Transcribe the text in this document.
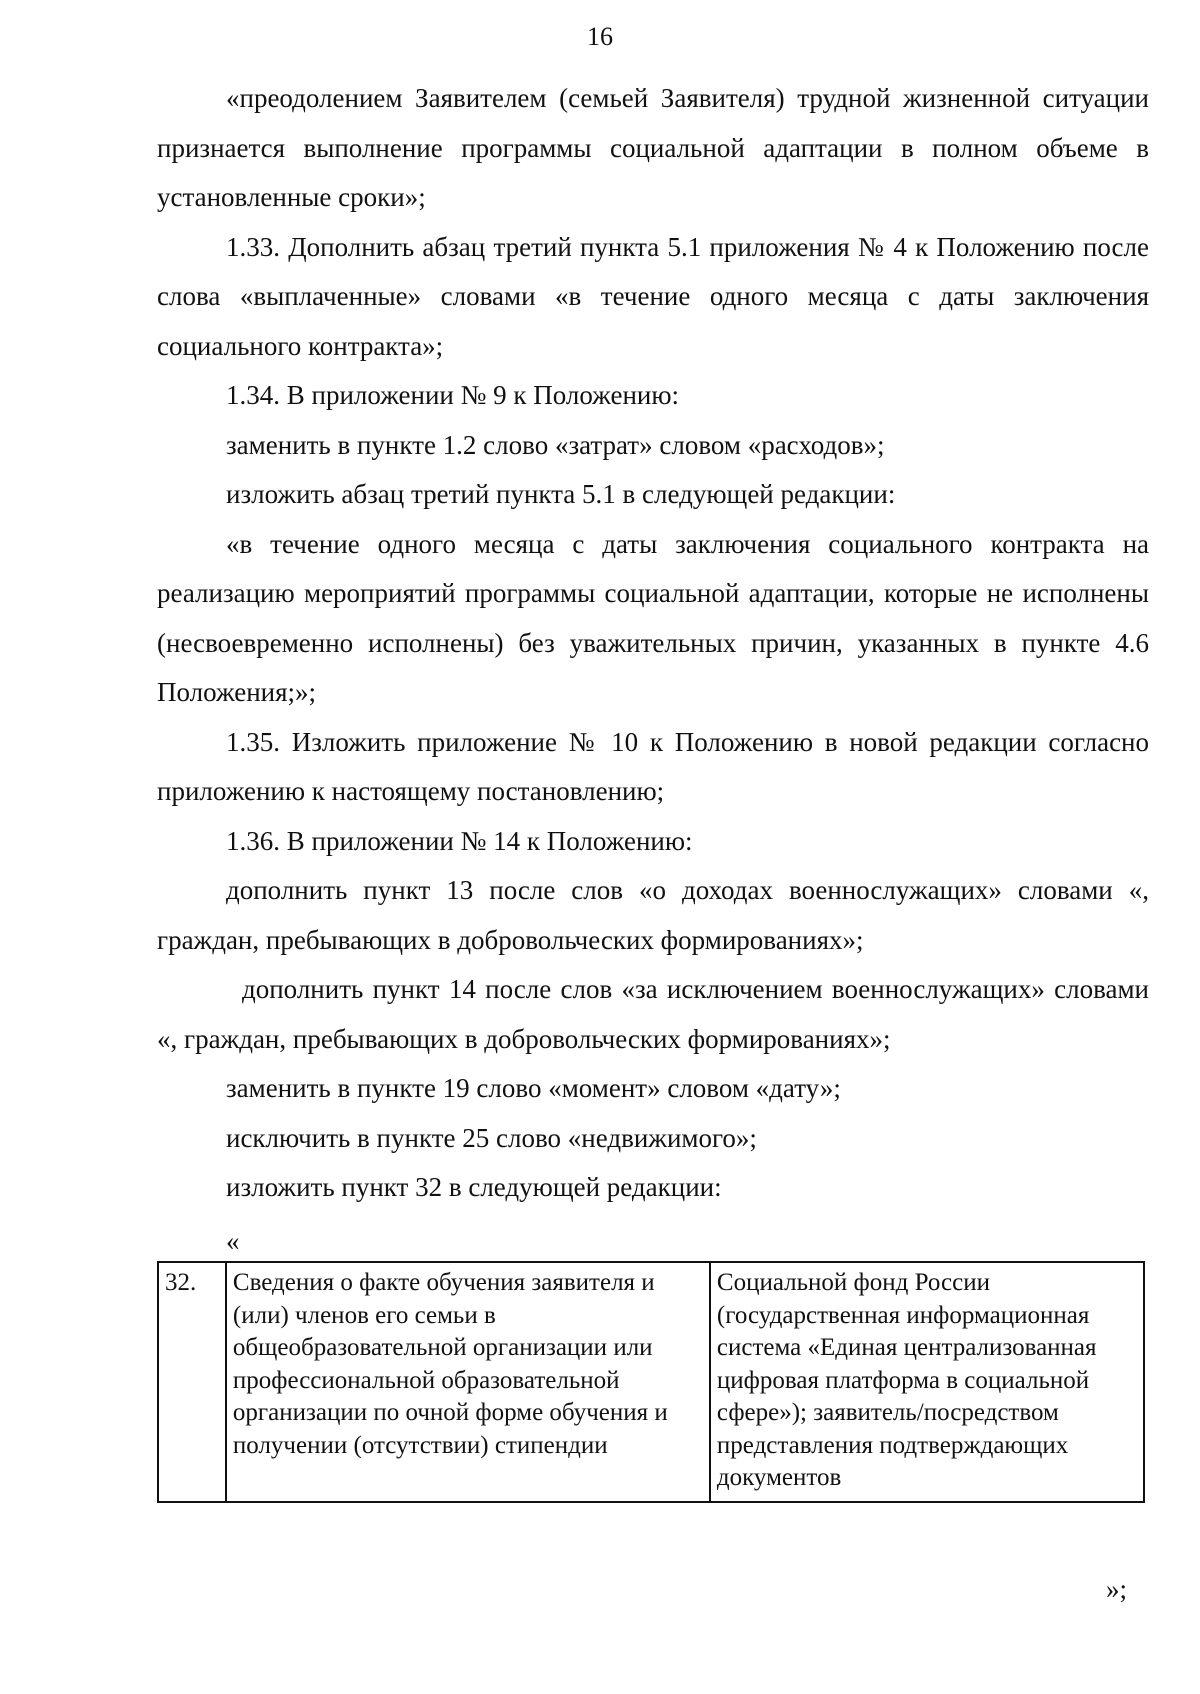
16

«преодолением Заявителем (семьей Заявителя) трудной жизненной ситуации признается выполнение программы социальной адаптации в полном объеме в установленные сроки»;

1.33. Дополнить абзац третий пункта 5.1 приложения № 4 к Положению после слова «выплаченные» словами «в течение одного месяца с даты заключения социального контракта»;

1.34. В приложении № 9 к Положению:

заменить в пункте 1.2 слово «затрат» словом «расходов»;

изложить абзац третий пункта 5.1 в следующей редакции:

«в течение одного месяца с даты заключения социального контракта на реализацию мероприятий программы социальной адаптации, которые не исполнены (несвоевременно исполнены) без уважительных причин, указанных в пункте 4.6 Положения;»;

1.35. Изложить приложение № 10 к Положению в новой редакции согласно приложению к настоящему постановлению;

1.36. В приложении № 14 к Положению:

дополнить пункт 13 после слов «о доходах военнослужащих» словами «, граждан, пребывающих в добровольческих формированиях»;

дополнить пункт 14 после слов «за исключением военнослужащих» словами «, граждан, пребывающих в добровольческих формированиях»;

заменить в пункте 19 слово «момент» словом «дату»;

исключить в пункте 25 слово «недвижимого»;

изложить пункт 32 в следующей редакции:

«
32.	Сведения о факте обучения заявителя и (или) членов его семьи в общеобразовательной организации или профессиональной образовательной организации по очной форме обучения и получении (отсутствии) стипендии	Социальной фонд России (государственная информационная система «Единая централизованная цифровая платформа в социальной сфере»); заявитель/посредством представления подтверждающих документов
»;
